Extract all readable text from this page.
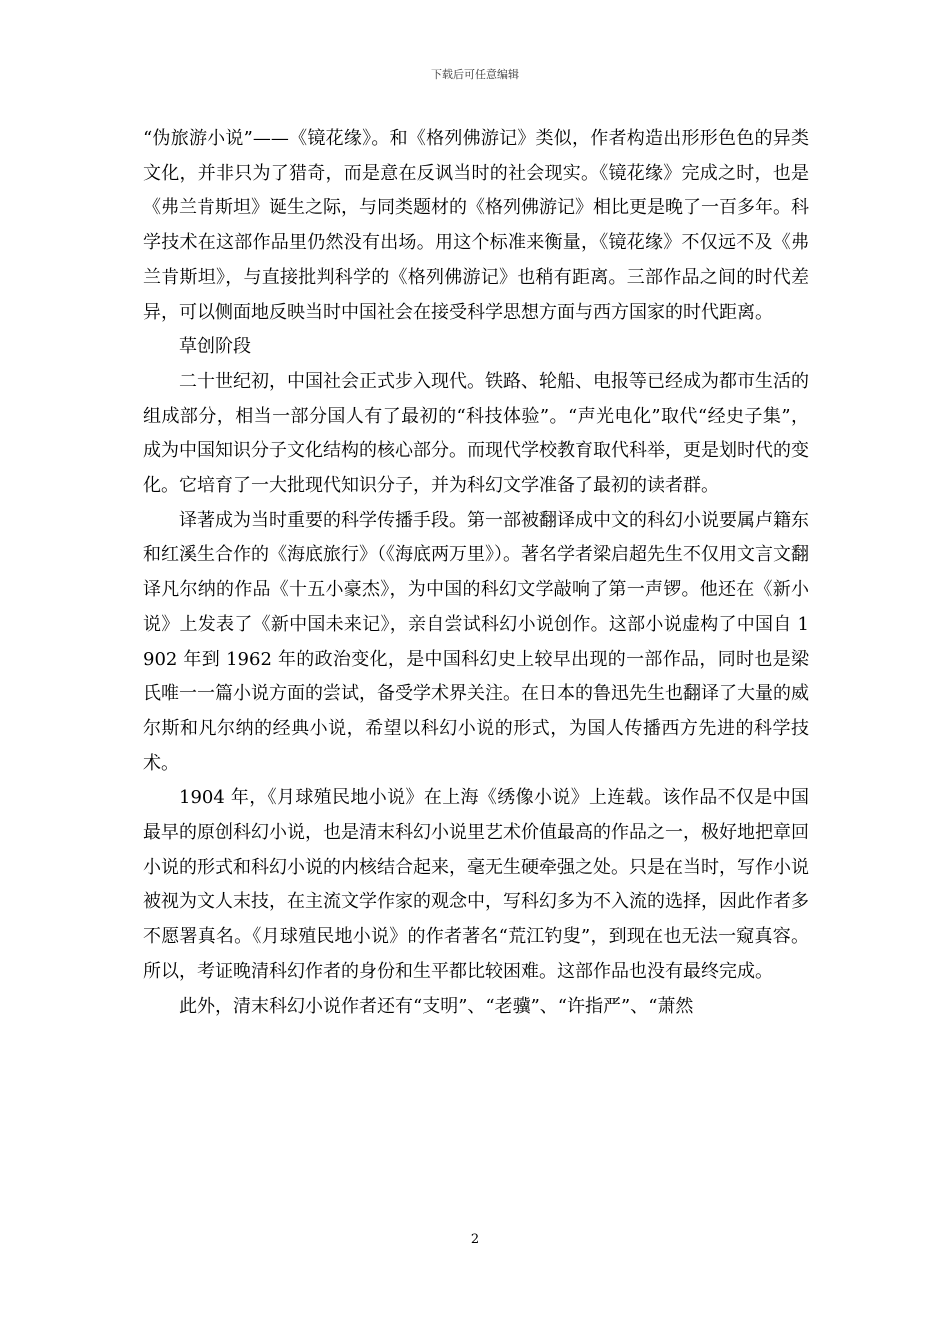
下载后可任意编辑

“伪旅游小说”——《镜花缘》。和《格列佛游记》类似，作者构造出形形色色的异类文化，并非只为了猎奇，而是意在反讽当时的社会现实。《镜花缘》完成之时，也是《弗兰肯斯坦》诞生之际，与同类题材的《格列佛游记》相比更是晚了一百多年。科学技术在这部作品里仍然没有出场。用这个标准来衡量，《镜花缘》不仅远不及《弗兰肯斯坦》，与直接批判科学的《格列佛游记》也稍有距离。三部作品之间的时代差异，可以侧面地反映当时中国社会在接受科学思想方面与西方国家的时代距离。

草创阶段

二十世纪初，中国社会正式步入现代。铁路、轮船、电报等已经成为都市生活的组成部分，相当一部分国人有了最初的“科技体验”。“声光电化”取代“经史子集”，成为中国知识分子文化结构的核心部分。而现代学校教育取代科举，更是划时代的变化。它培育了一大批现代知识分子，并为科幻文学准备了最初的读者群。

译著成为当时重要的科学传播手段。第一部被翻译成中文的科幻小说要属卢籍东和红溪生合作的《海底旅行》（《海底两万里》）。著名学者梁启超先生不仅用文言文翻译凡尔纳的作品《十五小豪杰》，为中国的科幻文学敲响了第一声锣。他还在《新小说》上发表了《新中国未来记》，亲自尝试科幻小说创作。这部小说虚构了中国自 1902 年到 1962 年的政治变化，是中国科幻史上较早出现的一部作品，同时也是梁氏唯一一篇小说方面的尝试，备受学术界关注。在日本的鲁迅先生也翻译了大量的威尔斯和凡尔纳的经典小说，希望以科幻小说的形式，为国人传播西方先进的科学技术。

1904 年，《月球殖民地小说》在上海《绣像小说》上连载。该作品不仅是中国最早的原创科幻小说，也是清末科幻小说里艺术价值最高的作品之一，极好地把章回小说的形式和科幻小说的内核结合起来，毫无生硬牵强之处。只是在当时，写作小说被视为文人末技，在主流文学作家的观念中，写科幻多为不入流的选择，因此作者多不愿署真名。《月球殖民地小说》的作者著名“荒江钓叟”，到现在也无法一窥真容。所以，考证晚清科幻作者的身份和生平都比较困难。这部作品也没有最终完成。

此外，清末科幻小说作者还有“支明”、“老骥”、“许指严”、“萧然

2
